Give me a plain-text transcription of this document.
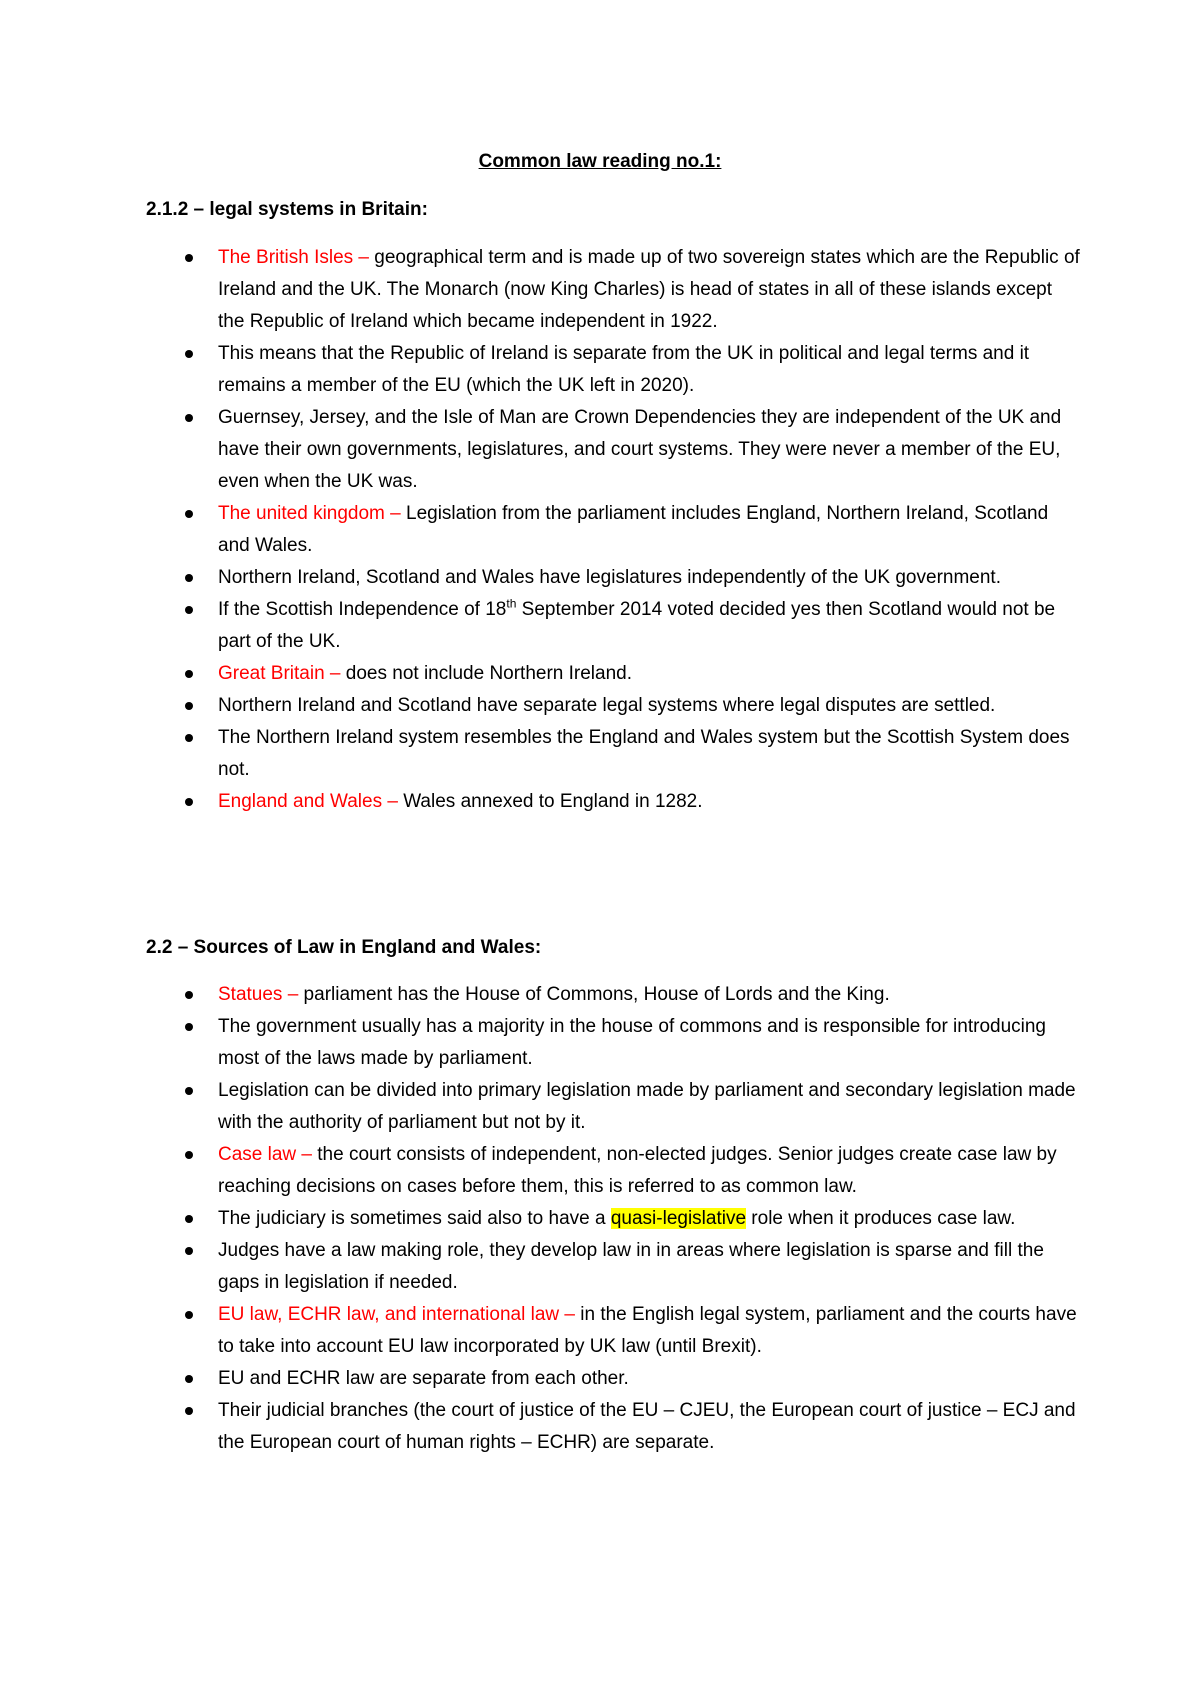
Common law reading no.1:
2.1.2 – legal systems in Britain:
The British Isles – geographical term and is made up of two sovereign states which are the Republic of Ireland and the UK. The Monarch (now King Charles) is head of states in all of these islands except the Republic of Ireland which became independent in 1922.
This means that the Republic of Ireland is separate from the UK in political and legal terms and it remains a member of the EU (which the UK left in 2020).
Guernsey, Jersey, and the Isle of Man are Crown Dependencies they are independent of the UK and have their own governments, legislatures, and court systems. They were never a member of the EU, even when the UK was.
The united kingdom – Legislation from the parliament includes England, Northern Ireland, Scotland and Wales.
Northern Ireland, Scotland and Wales have legislatures independently of the UK government.
If the Scottish Independence of 18th September 2014 voted decided yes then Scotland would not be part of the UK.
Great Britain – does not include Northern Ireland.
Northern Ireland and Scotland have separate legal systems where legal disputes are settled.
The Northern Ireland system resembles the England and Wales system but the Scottish System does not.
England and Wales – Wales annexed to England in 1282.
2.2 – Sources of Law in England and Wales:
Statues – parliament has the House of Commons, House of Lords and the King.
The government usually has a majority in the house of commons and is responsible for introducing most of the laws made by parliament.
Legislation can be divided into primary legislation made by parliament and secondary legislation made with the authority of parliament but not by it.
Case law – the court consists of independent, non-elected judges. Senior judges create case law by reaching decisions on cases before them, this is referred to as common law.
The judiciary is sometimes said also to have a quasi-legislative role when it produces case law.
Judges have a law making role, they develop law in in areas where legislation is sparse and fill the gaps in legislation if needed.
EU law, ECHR law, and international law – in the English legal system, parliament and the courts have to take into account EU law incorporated by UK law (until Brexit).
EU and ECHR law are separate from each other.
Their judicial branches (the court of justice of the EU – CJEU, the European court of justice – ECJ and the European court of human rights – ECHR) are separate.
